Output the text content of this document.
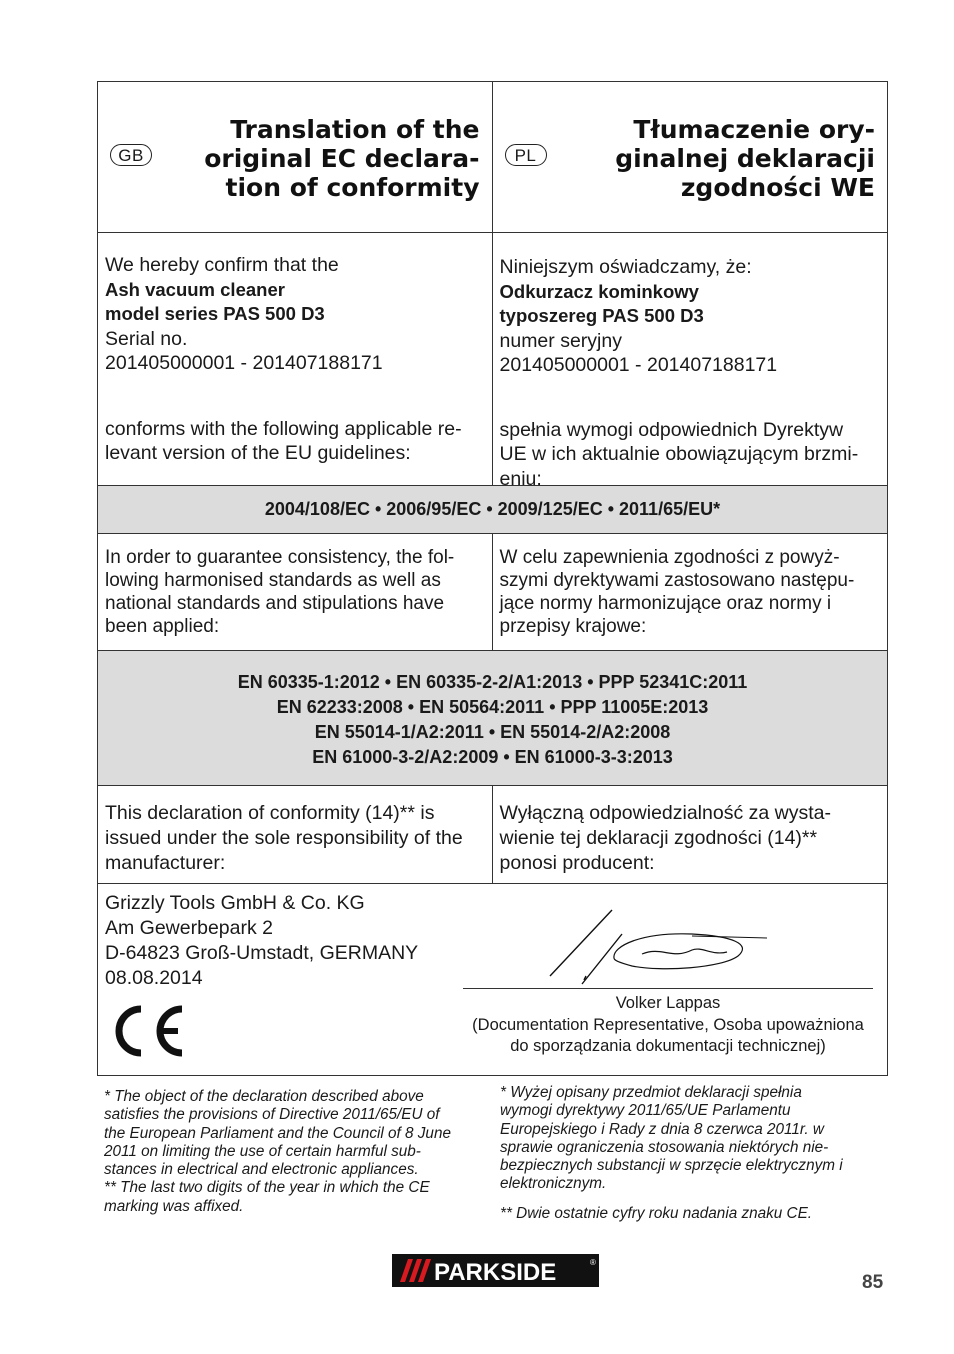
GB
Translation of the
original EC declara-
tion of conformity
PL
Tłumaczenie ory-
ginalnej deklaracji
zgodności WE

We hereby confirm that the

Ash vacuum cleaner

model series PAS 500 D3

Serial no.

201405000001 - 201407188171

conforms with the following applicable re-

levant version of the EU guidelines:

Niniejszym oświadczamy, że:

Odkurzacz kominkowy

typoszereg PAS 500 D3

numer seryjny

201405000001 - 201407188171

spełnia wymogi odpowiednich Dyrektyw

UE w ich aktualnie obowiązującym brzmi-

eniu:

2004/108/EC • 2006/95/EC • 2009/125/EC • 2011/65/EU*

In order to guarantee consistency, the fol-

lowing harmonised standards as well as

national standards and stipulations have

been applied:

W celu zapewnienia zgodności z powyż-

szymi dyrektywami zastosowano następu-

jące normy harmonizujące oraz normy i

przepisy krajowe:

EN 60335-1:2012 • EN 60335-2-2/A1:2013 • PPP 52341C:2011
EN 62233:2008 • EN 50564:2011 • PPP 11005E:2013
EN 55014-1/A2:2011 • EN 55014-2/A2:2008
EN 61000-3-2/A2:2009 • EN 61000-3-3:2013

This declaration of conformity (14)** is

issued under the sole responsibility of the

manufacturer:

Wyłączną odpowiedzialność za wysta-

wienie tej deklaracji zgodności (14)**

ponosi producent:

Grizzly Tools GmbH & Co. KG

Am Gewerbepark 2

D-64823 Groß-Umstadt, GERMANY

08.08.2014

Volker Lappas

(Documentation Representative, Osoba upoważniona

do sporządzania dokumentacji technicznej)

* The object of the declaration described above

satisfies the provisions of Directive 2011/65/EU of

the European Parliament and the Council of 8 June

2011 on limiting the use of certain harmful sub-

stances in electrical and electronic appliances.

** The last two digits of the year in which the CE

marking was affixed.

* Wyżej opisany przedmiot deklaracji spełnia

wymogi dyrektywy 2011/65/UE Parlamentu

Europejskiego i Rady z dnia 8 czerwca 2011r. w

sprawie ograniczenia stosowania niektórych nie-

bezpiecznych substancji w sprzęcie elektrycznym i

elektronicznym.

** Dwie ostatnie cyfry roku nadania znaku CE.

PARKSIDE	®
85
